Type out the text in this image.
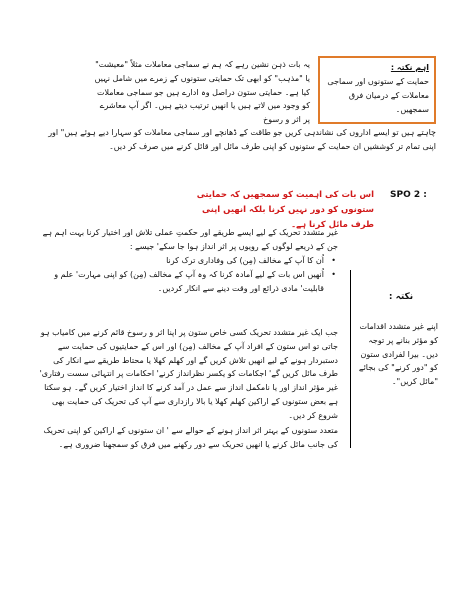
اہم نکتہ :
حمایت کے ستونوں اور سماجی معاملات کے درمیان فرق سمجھیں۔
یہ بات ذہن نشین رہے کہ ہم نے سماجی معاملات مثلاً "معیشت" یا "مذہب" کو ابھی تک حمایتی ستونوں کے زمرے میں شامل نہیں کیا ہے۔ حمایتی ستون دراصل وہ ادارے ہیں جو سماجی معاملات کو وجود میں لاتے ہیں یا انھیں ترتیب دیتے ہیں۔ اگر آپ معاشرے پر اثر و رسوخ
چاہتے ہیں تو ایسے اداروں کی نشاندہی کریں جو طاقت کے ڈھانچے اور سماجی معاملات کو سہارا دیے ہوئے ہیں" اور اپنی تمام تر کوششیں ان حمایت کے ستونوں کو اپنی طرف مائل اور قائل کرنے میں صرف کر دیں۔
SPO 2 :
اس بات کی اہمیت کو سمجھیں کہ حمایتی ستونوں کو دور نہیں کرنا بلکہ انھیں اپنی طرف مائل کرنا ہے۔
غیر متشدد تحریک کے لیے ایسے طریقے اور حکمتِ عملی تلاش اور اختیار کرنا بہت اہم ہے جن کے ذریعے لوگوں کے رویوں پر اثر انداز ہوا جا سکے' جیسے :
•
اُن کا آپ کے مخالف (مِن) کی وفاداری ترک کرنا
•
اُنھیں اس بات کے لیے آمادہ کرنا کہ وہ آپ کے مخالف (مِن) کو اپنی مہارت' علم و قابلیت' مادی ذرائع اور وقت دینے سے انکار کردیں۔
نکتہ :
اپنے غیر متشدد اقدامات کو مؤثر بنانے پر توجہ دیں۔ بیرا لفرادی ستون کو "دور کرنے" کی بجائے "مائل کریں"۔
جب ایک غیر متشدد تحریک کسی خاص ستون پر اپنا اثر و رسوخ قائم کرنے میں کامیاب ہو جاتی تو اس ستون کے افراد آپ کے مخالف (مِن) اور اس کے حمایتیوں کی حمایت سے دستبردار ہونے کے لیے انھیں تلاش کریں گے اور کھلم کھلا یا محتاط طریقے سے انکار کی طرف مائل کریں گے' اجکامات کو یکسر نظرانداز کرنے' احکامات پر انتہائی سست رفتاری' غیر مؤثر انداز اور یا نامکمل انداز سے عمل در آمد کرنے کا انداز اختیار کریں گے۔ ہو سکتا ہے بعض ستونوں کے اراکین کھلم کھلا یا بالا رازداری سے آپ کی تحریک کی حمایت بھی شروع کر دیں۔
متعدد ستونوں کے بہتر اثر انداز ہونے کے حوالے سے ' ان ستونوں کے اراکین کو اپنی تحریک کی جانب مائل کرنے یا انھیں تحریک سے دور رکھنے میں فرق کو سمجھنا ضروری ہے۔
